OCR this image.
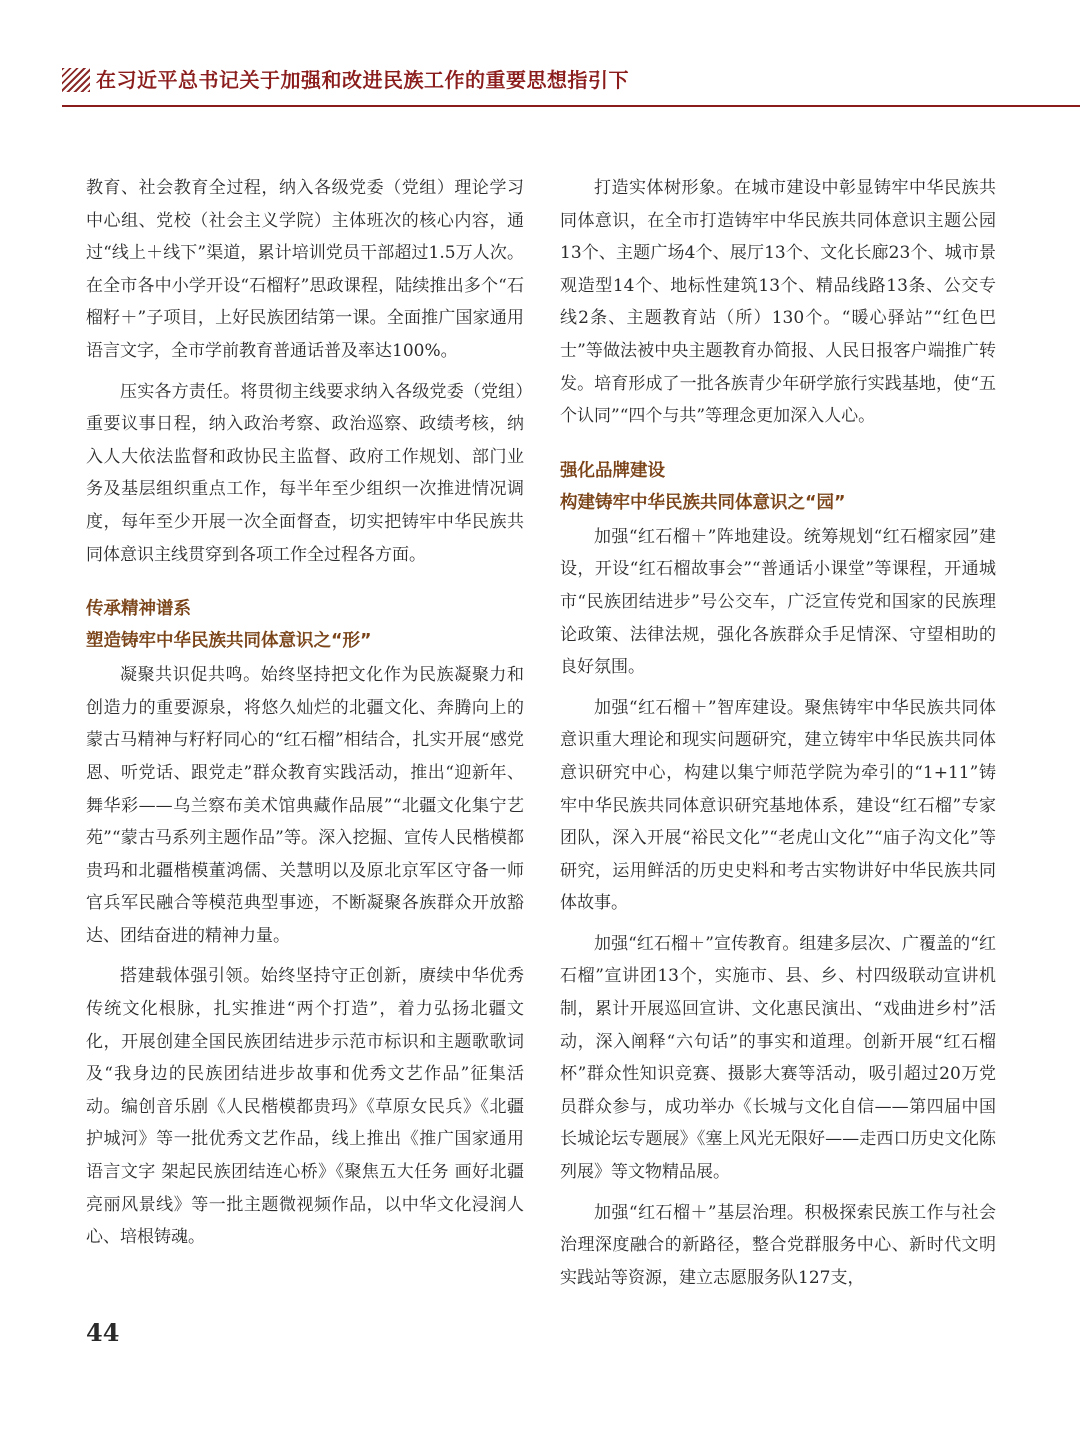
在习近平总书记关于加强和改进民族工作的重要思想指引下

教育、社会教育全过程，纳入各级党委（党组）理论学习中心组、党校（社会主义学院）主体班次的核心内容，通过“线上＋线下”渠道，累计培训党员干部超过1.5万人次。在全市各中小学开设“石榴籽”思政课程，陆续推出多个“石榴籽＋”子项目，上好民族团结第一课。全面推广国家通用语言文字，全市学前教育普通话普及率达100%。

压实各方责任。将贯彻主线要求纳入各级党委（党组）重要议事日程，纳入政治考察、政治巡察、政绩考核，纳入人大依法监督和政协民主监督、政府工作规划、部门业务及基层组织重点工作，每半年至少组织一次推进情况调度，每年至少开展一次全面督查，切实把铸牢中华民族共同体意识主线贯穿到各项工作全过程各方面。

传承精神谱系
塑造铸牢中华民族共同体意识之“形”

凝聚共识促共鸣。始终坚持把文化作为民族凝聚力和创造力的重要源泉，将悠久灿烂的北疆文化、奔腾向上的蒙古马精神与籽籽同心的“红石榴”相结合，扎实开展“感党恩、听党话、跟党走”群众教育实践活动，推出“迎新年、舞华彩——乌兰察布美术馆典藏作品展”“北疆文化集宁艺苑”“蒙古马系列主题作品”等。深入挖掘、宣传人民楷模都贵玛和北疆楷模董鸿儒、关慧明以及原北京军区守备一师官兵军民融合等模范典型事迹，不断凝聚各族群众开放豁达、团结奋进的精神力量。

搭建载体强引领。始终坚持守正创新，赓续中华优秀传统文化根脉，扎实推进“两个打造”，着力弘扬北疆文化，开展创建全国民族团结进步示范市标识和主题歌歌词及“我身边的民族团结进步故事和优秀文艺作品”征集活动。编创音乐剧《人民楷模都贵玛》《草原女民兵》《北疆护城河》等一批优秀文艺作品，线上推出《推广国家通用语言文字 架起民族团结连心桥》《聚焦五大任务 画好北疆亮丽风景线》等一批主题微视频作品，以中华文化浸润人心、培根铸魂。

打造实体树形象。在城市建设中彰显铸牢中华民族共同体意识，在全市打造铸牢中华民族共同体意识主题公园13个、主题广场4个、展厅13个、文化长廊23个、城市景观造型14个、地标性建筑13个、精品线路13条、公交专线2条、主题教育站（所）130个。“暖心驿站”“红色巴士”等做法被中央主题教育办简报、人民日报客户端推广转发。培育形成了一批各族青少年研学旅行实践基地，使“五个认同”“四个与共”等理念更加深入人心。

强化品牌建设
构建铸牢中华民族共同体意识之“园”

加强“红石榴＋”阵地建设。统筹规划“红石榴家园”建设，开设“红石榴故事会”“普通话小课堂”等课程，开通城市“民族团结进步”号公交车，广泛宣传党和国家的民族理论政策、法律法规，强化各族群众手足情深、守望相助的良好氛围。

加强“红石榴＋”智库建设。聚焦铸牢中华民族共同体意识重大理论和现实问题研究，建立铸牢中华民族共同体意识研究中心，构建以集宁师范学院为牵引的“1+11”铸牢中华民族共同体意识研究基地体系，建设“红石榴”专家团队，深入开展“裕民文化”“老虎山文化”“庙子沟文化”等研究，运用鲜活的历史史料和考古实物讲好中华民族共同体故事。

加强“红石榴＋”宣传教育。组建多层次、广覆盖的“红石榴”宣讲团13个，实施市、县、乡、村四级联动宣讲机制，累计开展巡回宣讲、文化惠民演出、“戏曲进乡村”活动，深入阐释“六句话”的事实和道理。创新开展“红石榴杯”群众性知识竞赛、摄影大赛等活动，吸引超过20万党员群众参与，成功举办《长城与文化自信——第四届中国长城论坛专题展》《塞上风光无限好——走西口历史文化陈列展》等文物精品展。

加强“红石榴＋”基层治理。积极探索民族工作与社会治理深度融合的新路径，整合党群服务中心、新时代文明实践站等资源，建立志愿服务队127支，

44
